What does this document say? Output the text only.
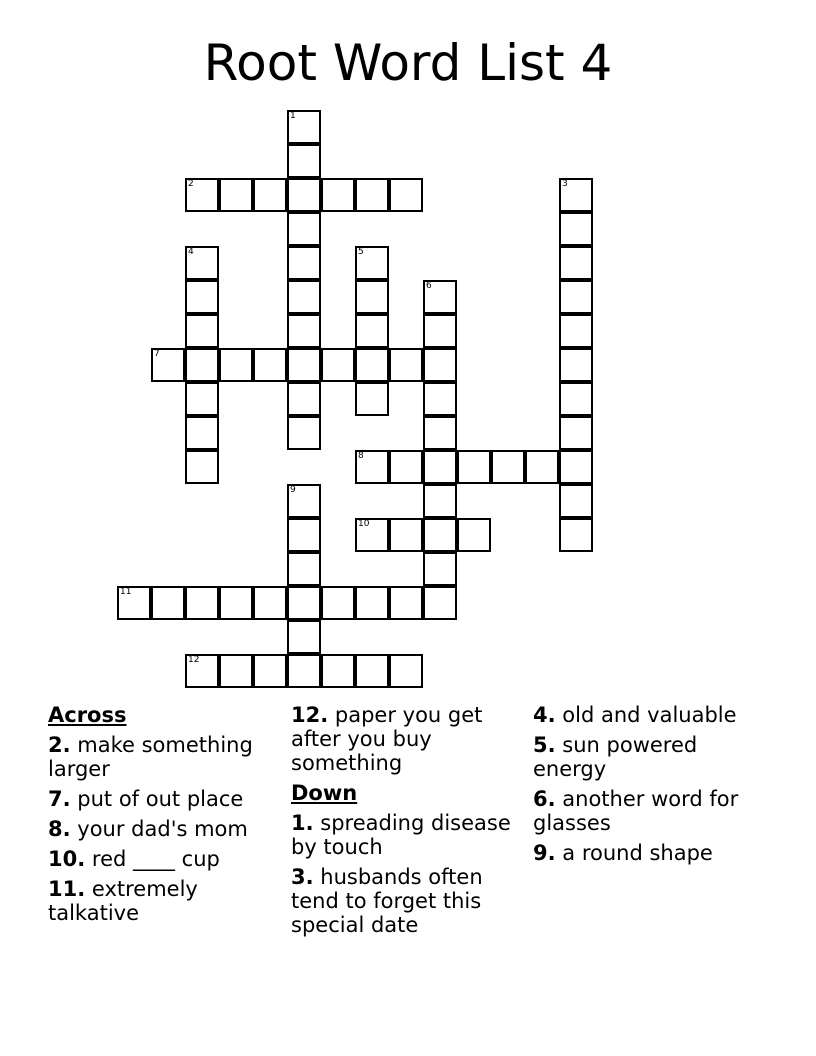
Root Word List 4
1
2	3
4	5
6
7
8
9
10
11
12
Across
2. make something larger
7. put of out place
8. your dad's mom
10. red ____ cup
11. extremely talkative
12. paper you get after you buy something
Down
1. spreading disease by touch
3. husbands often tend to forget this special date
4. old and valuable
5. sun powered energy
6. another word for glasses
9. a round shape
